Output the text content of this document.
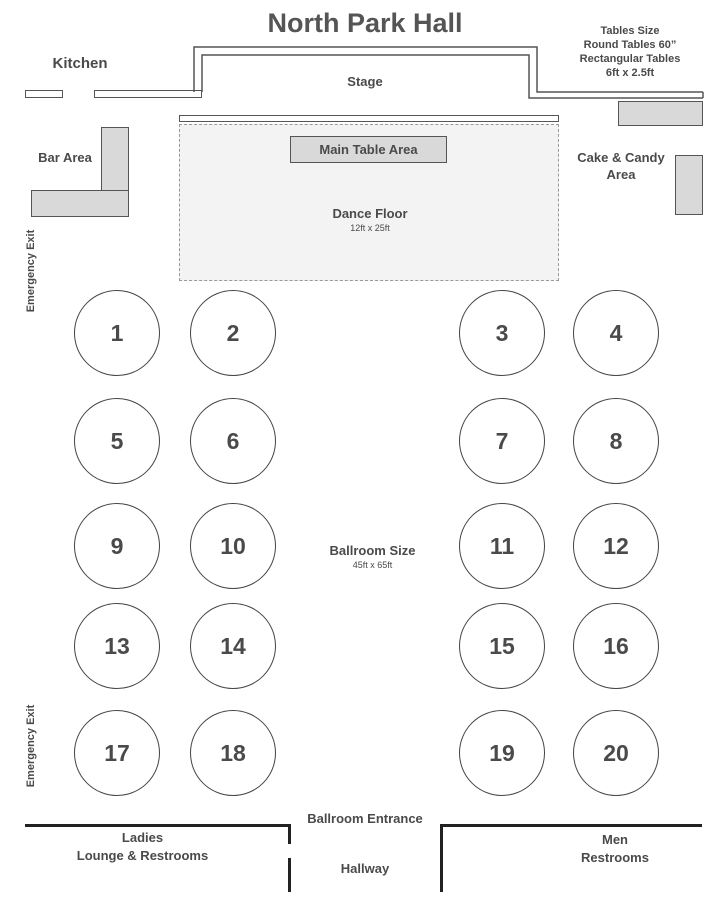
North Park Hall	Tables Size
Round Tables 60”
Rectangular Tables
6ft x 2.5ft
Kitchen
Stage
Main Table Area
Dance Floor
12ft x 25ft
Bar Area	Cake & Candy
Area
Emergency Exit
Emergency Exit
1	2	3	4
5	6	7	8
9	10	11	12
13	14	15	16
17	18	19	20
Ballroom Size
45ft x 65ft
Ballroom Entrance
Ladies
Lounge & Restrooms
Hallway
Men
Restrooms
